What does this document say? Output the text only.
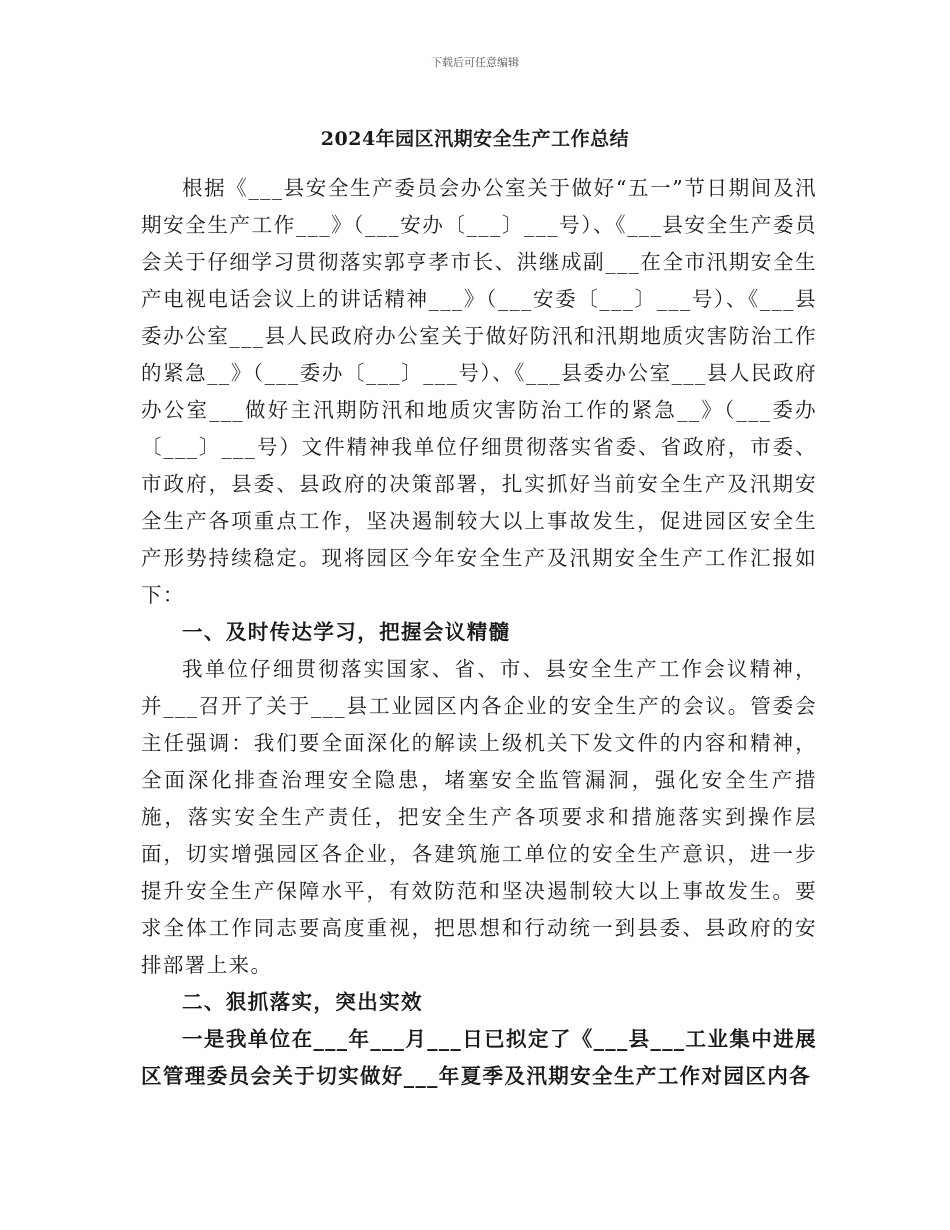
下载后可任意编辑
2024年园区汛期安全生产工作总结

根据《___县安全生产委员会办公室关于做好“五一”节日期间及汛期安全生产工作___》（___安办〔___〕___号）、《___县安全生产委员会关于仔细学习贯彻落实郭亨孝市长、洪继成副___在全市汛期安全生产电视电话会议上的讲话精神___》（___安委〔___〕___号）、《___县委办公室___县人民政府办公室关于做好防汛和汛期地质灾害防治工作的紧急__》（___委办〔___〕___号）、《___县委办公室___县人民政府办公室___做好主汛期防汛和地质灾害防治工作的紧急__》（___委办〔___〕___号）文件精神我单位仔细贯彻落实省委、省政府，市委、市政府，县委、县政府的决策部署，扎实抓好当前安全生产及汛期安全生产各项重点工作，坚决遏制较大以上事故发生，促进园区安全生产形势持续稳定。现将园区今年安全生产及汛期安全生产工作汇报如下：

一、及时传达学习，把握会议精髓

我单位仔细贯彻落实国家、省、市、县安全生产工作会议精神，并___召开了关于___县工业园区内各企业的安全生产的会议。管委会主任强调：我们要全面深化的解读上级机关下发文件的内容和精神，全面深化排查治理安全隐患，堵塞安全监管漏洞，强化安全生产措施，落实安全生产责任，把安全生产各项要求和措施落实到操作层面，切实增强园区各企业，各建筑施工单位的安全生产意识，进一步提升安全生产保障水平，有效防范和坚决遏制较大以上事故发生。要求全体工作同志要高度重视，把思想和行动统一到县委、县政府的安排部署上来。

二、狠抓落实，突出实效

一是我单位在___年___月___日已拟定了《___县___工业集中进展区管理委员会关于切实做好___年夏季及汛期安全生产工作对园区内各
